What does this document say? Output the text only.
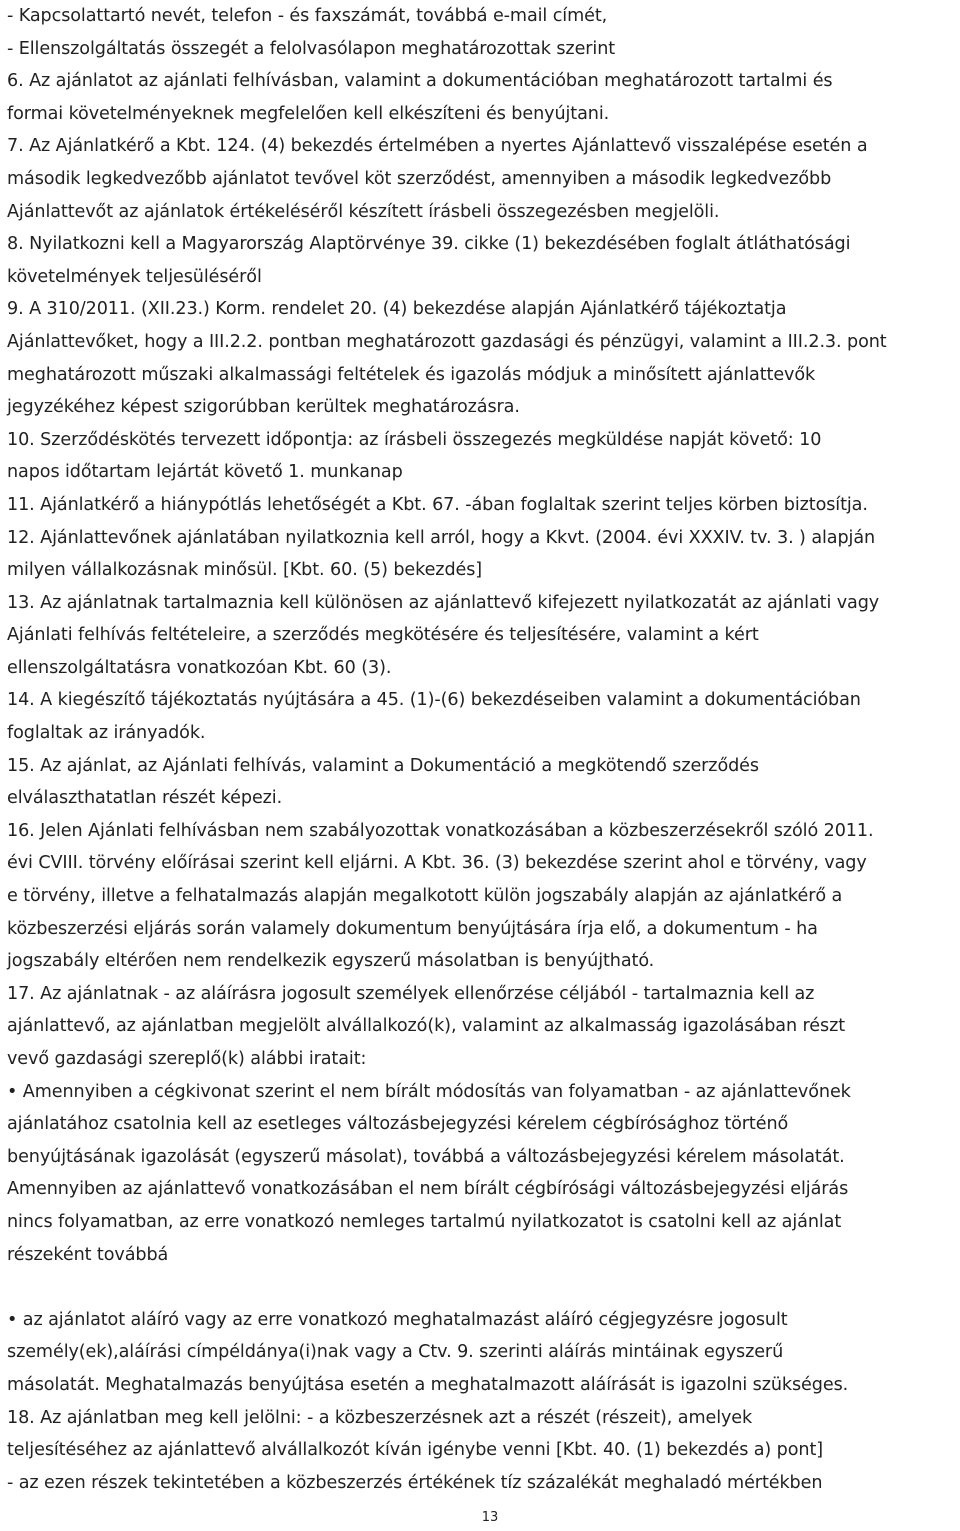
- Kapcsolattartó nevét, telefon - és faxszámát, továbbá e-mail címét,
- Ellenszolgáltatás összegét a felolvasólapon meghatározottak szerint
6. Az ajánlatot az ajánlati felhívásban, valamint a dokumentációban meghatározott tartalmi és
formai követelményeknek megfelelően kell elkészíteni és benyújtani.
7. Az Ajánlatkérő a Kbt. 124. (4) bekezdés értelmében a nyertes Ajánlattevő visszalépése esetén a
második legkedvezőbb ajánlatot tevővel köt szerződést, amennyiben a második legkedvezőbb
Ajánlattevőt az ajánlatok értékeléséről készített írásbeli összegezésben megjelöli.
8. Nyilatkozni kell a Magyarország Alaptörvénye 39. cikke (1) bekezdésében foglalt átláthatósági
követelmények teljesüléséről
9. A 310/2011. (XII.23.) Korm. rendelet 20. (4) bekezdése alapján Ajánlatkérő tájékoztatja
Ajánlattevőket, hogy a III.2.2. pontban meghatározott gazdasági és pénzügyi, valamint a III.2.3. pont
meghatározott műszaki alkalmassági feltételek és igazolás módjuk a minősített ajánlattevők
jegyzékéhez képest szigorúbban kerültek meghatározásra.
10. Szerződéskötés tervezett időpontja: az írásbeli összegezés megküldése napját követő: 10
napos időtartam lejártát követő 1. munkanap
11. Ajánlatkérő a hiánypótlás lehetőségét a Kbt. 67. -ában foglaltak szerint teljes körben biztosítja.
12. Ajánlattevőnek ajánlatában nyilatkoznia kell arról, hogy a Kkvt. (2004. évi XXXIV. tv. 3. ) alapján
milyen vállalkozásnak minősül. [Kbt. 60. (5) bekezdés]
13. Az ajánlatnak tartalmaznia kell különösen az ajánlattevő kifejezett nyilatkozatát az ajánlati vagy
Ajánlati felhívás feltételeire, a szerződés megkötésére és teljesítésére, valamint a kért
ellenszolgáltatásra vonatkozóan Kbt. 60 (3).
14. A kiegészítő tájékoztatás nyújtására a 45. (1)-(6) bekezdéseiben valamint a dokumentációban
foglaltak az irányadók.
15. Az ajánlat, az Ajánlati felhívás, valamint a Dokumentáció a megkötendő szerződés
elválaszthatatlan részét képezi.
16. Jelen Ajánlati felhívásban nem szabályozottak vonatkozásában a közbeszerzésekről szóló 2011.
évi CVIII. törvény előírásai szerint kell eljárni. A Kbt. 36. (3) bekezdése szerint ahol e törvény, vagy
e törvény, illetve a felhatalmazás alapján megalkotott külön jogszabály alapján az ajánlatkérő a
közbeszerzési eljárás során valamely dokumentum benyújtására írja elő, a dokumentum - ha
jogszabály eltérően nem rendelkezik egyszerű másolatban is benyújtható.
17. Az ajánlatnak - az aláírásra jogosult személyek ellenőrzése céljából - tartalmaznia kell az
ajánlattevő, az ajánlatban megjelölt alvállalkozó(k), valamint az alkalmasság igazolásában részt
vevő gazdasági szereplő(k) alábbi iratait:
• Amennyiben a cégkivonat szerint el nem bírált módosítás van folyamatban - az ajánlattevőnek
ajánlatához csatolnia kell az esetleges változásbejegyzési kérelem cégbírósághoz történő
benyújtásának igazolását (egyszerű másolat), továbbá a változásbejegyzési kérelem másolatát.
Amennyiben az ajánlattevő vonatkozásában el nem bírált cégbírósági változásbejegyzési eljárás
nincs folyamatban, az erre vonatkozó nemleges tartalmú nyilatkozatot is csatolni kell az ajánlat
részeként továbbá
• az ajánlatot aláíró vagy az erre vonatkozó meghatalmazást aláíró cégjegyzésre jogosult
személy(ek),aláírási címpéldánya(i)nak vagy a Ctv. 9. szerinti aláírás mintáinak egyszerű
másolatát. Meghatalmazás benyújtása esetén a meghatalmazott aláírását is igazolni szükséges.
18. Az ajánlatban meg kell jelölni: - a közbeszerzésnek azt a részét (részeit), amelyek
teljesítéséhez az ajánlattevő alvállalkozót kíván igénybe venni [Kbt. 40. (1) bekezdés a) pont]
- az ezen részek tekintetében a közbeszerzés értékének tíz százalékát meghaladó mértékben
13
